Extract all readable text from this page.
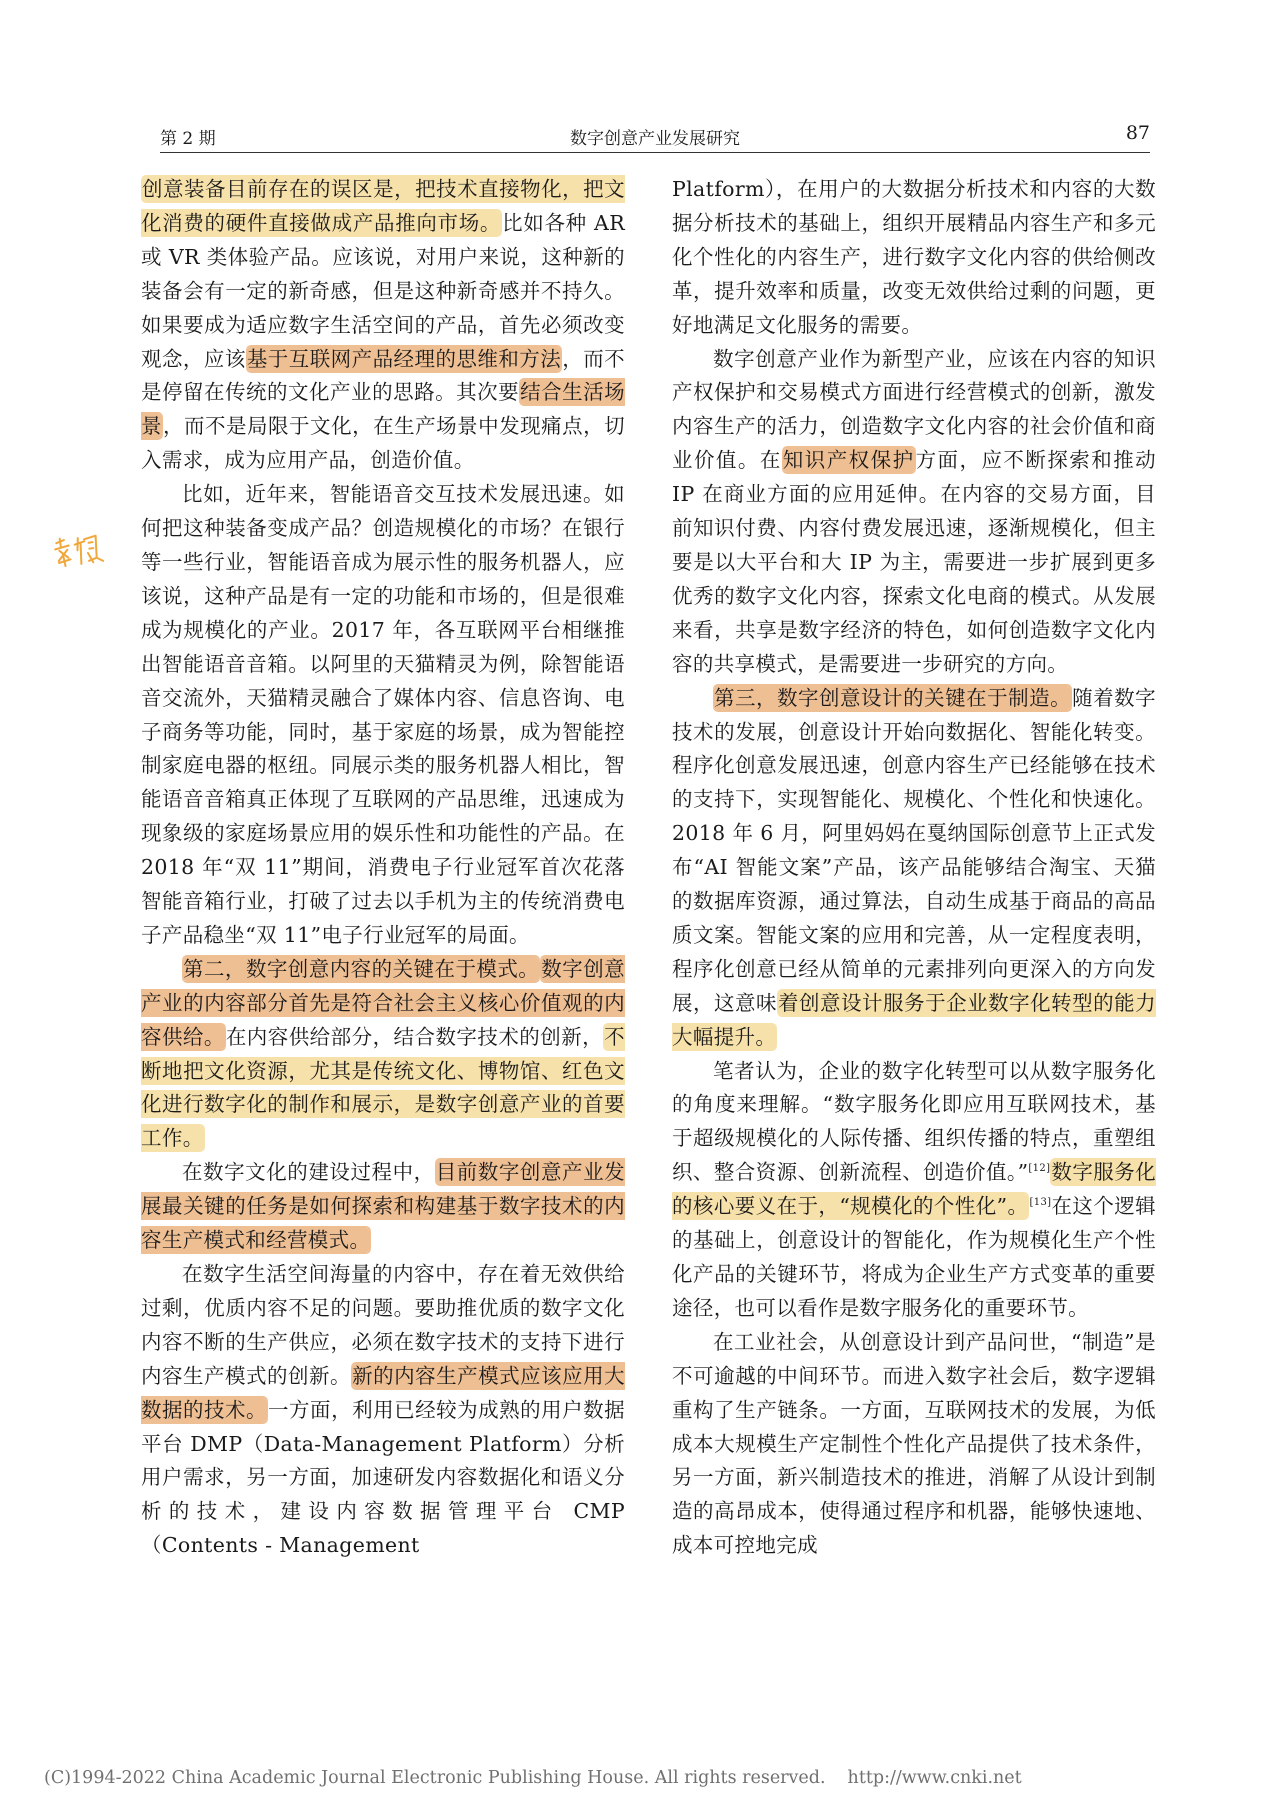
第 2 期	数字创意产业发展研究	87

创意装备目前存在的误区是，把技术直接物化，把文化消费的硬件直接做成产品推向市场。比如各种 AR 或 VR 类体验产品。应该说，对用户来说，这种新的装备会有一定的新奇感，但是这种新奇感并不持久。如果要成为适应数字生活空间的产品，首先必须改变观念，应该基于互联网产品经理的思维和方法，而不是停留在传统的文化产业的思路。其次要结合生活场景，而不是局限于文化，在生产场景中发现痛点，切入需求，成为应用产品，创造价值。

比如，近年来，智能语音交互技术发展迅速。如何把这种装备变成产品？创造规模化的市场？在银行等一些行业，智能语音成为展示性的服务机器人，应该说，这种产品是有一定的功能和市场的，但是很难成为规模化的产业。2017 年，各互联网平台相继推出智能语音音箱。以阿里的天猫精灵为例，除智能语音交流外，天猫精灵融合了媒体内容、信息咨询、电子商务等功能，同时，基于家庭的场景，成为智能控制家庭电器的枢纽。同展示类的服务机器人相比，智能语音音箱真正体现了互联网的产品思维，迅速成为现象级的家庭场景应用的娱乐性和功能性的产品。在 2018 年“双 11”期间，消费电子行业冠军首次花落智能音箱行业，打破了过去以手机为主的传统消费电子产品稳坐“双 11”电子行业冠军的局面。

第二，数字创意内容的关键在于模式。数字创意产业的内容部分首先是符合社会主义核心价值观的内容供给。在内容供给部分，结合数字技术的创新，不断地把文化资源，尤其是传统文化、博物馆、红色文化进行数字化的制作和展示，是数字创意产业的首要工作。

在数字文化的建设过程中，目前数字创意产业发展最关键的任务是如何探索和构建基于数字技术的内容生产模式和经营模式。

在数字生活空间海量的内容中，存在着无效供给过剩，优质内容不足的问题。要助推优质的数字文化内容不断的生产供应，必须在数字技术的支持下进行内容生产模式的创新。新的内容生产模式应该应用大数据的技术。一方面，利用已经较为成熟的用户数据平台 DMP（Data-Management Platform）分析用户需求，另一方面，加速研发内容数据化和语义分析的技术，建设内容数据管理平台 CMP（Contents - Management

Platform），在用户的大数据分析技术和内容的大数据分析技术的基础上，组织开展精品内容生产和多元化个性化的内容生产，进行数字文化内容的供给侧改革，提升效率和质量，改变无效供给过剩的问题，更好地满足文化服务的需要。

数字创意产业作为新型产业，应该在内容的知识产权保护和交易模式方面进行经营模式的创新，激发内容生产的活力，创造数字文化内容的社会价值和商业价值。在知识产权保护方面，应不断探索和推动 IP 在商业方面的应用延伸。在内容的交易方面，目前知识付费、内容付费发展迅速，逐渐规模化，但主要是以大平台和大 IP 为主，需要进一步扩展到更多优秀的数字文化内容，探索文化电商的模式。从发展来看，共享是数字经济的特色，如何创造数字文化内容的共享模式，是需要进一步研究的方向。

第三，数字创意设计的关键在于制造。随着数字技术的发展，创意设计开始向数据化、智能化转变。程序化创意发展迅速，创意内容生产已经能够在技术的支持下，实现智能化、规模化、个性化和快速化。2018 年 6 月，阿里妈妈在戛纳国际创意节上正式发布“AI 智能文案”产品，该产品能够结合淘宝、天猫的数据库资源，通过算法，自动生成基于商品的高品质文案。智能文案的应用和完善，从一定程度表明，程序化创意已经从简单的元素排列向更深入的方向发展，这意味着创意设计服务于企业数字化转型的能力大幅提升。

笔者认为，企业的数字化转型可以从数字服务化的角度来理解。“数字服务化即应用互联网技术，基于超级规模化的人际传播、组织传播的特点，重塑组织、整合资源、创新流程、创造价值。”[12]数字服务化的核心要义在于，“规模化的个性化”。[13]在这个逻辑的基础上，创意设计的智能化，作为规模化生产个性化产品的关键环节，将成为企业生产方式变革的重要途径，也可以看作是数字服务化的重要环节。

在工业社会，从创意设计到产品问世，“制造”是不可逾越的中间环节。而进入数字社会后，数字逻辑重构了生产链条。一方面，互联网技术的发展，为低成本大规模生产定制性个性化产品提供了技术条件，另一方面，新兴制造技术的推进，消解了从设计到制造的高昂成本，使得通过程序和机器，能够快速地、成本可控地完成

(C)1994-2022 China Academic Journal Electronic Publishing House. All rights reserved. http://www.cnki.net
